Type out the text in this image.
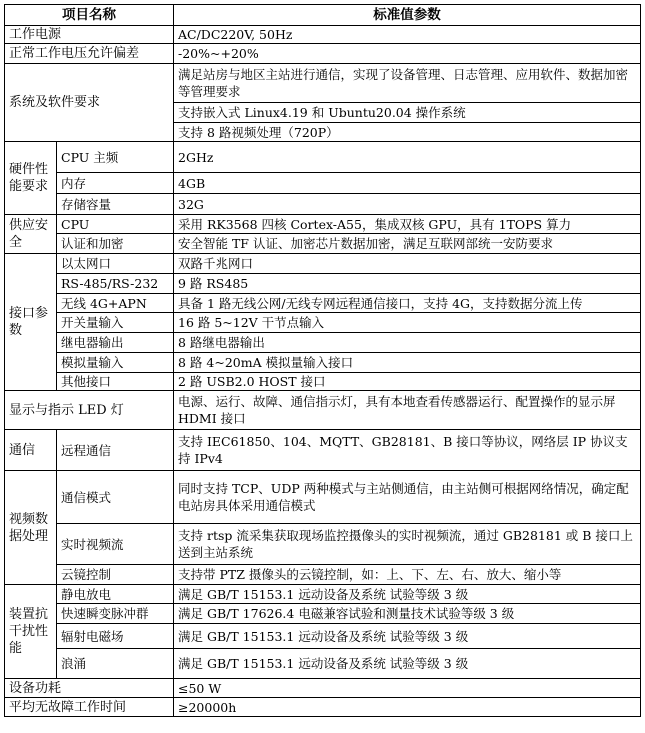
项目名称		标准值参数
工作电源		AC/DC220V, 50Hz
正常工作电压允许偏差		-20%~+20%
系统及软件要求		满足站房与地区主站进行通信，实现了设备管理、日志管理、应用软件、数据加密等管理要求
		支持嵌入式 Linux4.19 和 Ubuntu20.04 操作系统
		支持 8 路视频处理（720P）
硬件性能要求	CPU 主频	2GHz
	内存	4GB
	存储容量	32G
供应安全	CPU	采用 RK3568 四核 Cortex-A55，集成双核 GPU，具有 1TOPS 算力
	认证和加密	安全智能 TF 认证、加密芯片数据加密，满足互联网部统一安防要求
接口参数	以太网口	双路千兆网口
	RS-485/RS-232	9 路 RS485
	无线 4G+APN	具备 1 路无线公网/无线专网远程通信接口，支持 4G，支持数据分流上传
	开关量输入	16 路 5~12V 干节点输入
	继电器输出	8 路继电器输出
	模拟量输入	8 路 4~20mA 模拟量输入接口
	其他接口	2 路 USB2.0 HOST 接口
显示与指示 LED 灯		电源、运行、故障、通信指示灯，具有本地查看传感器运行、配置操作的显示屏 HDMI 接口
通信	远程通信	支持 IEC61850、104、MQTT、GB28181、B 接口等协议，网络层 IP 协议支持 IPv4
视频数据处理	通信模式	同时支持 TCP、UDP 两种模式与主站侧通信，由主站侧可根据网络情况，确定配电站房具体采用通信模式
	实时视频流	支持 rtsp 流采集获取现场监控摄像头的实时视频流，通过 GB28181 或 B 接口上送到主站系统
	云镜控制	支持带 PTZ 摄像头的云镜控制，如：上、下、左、右、放大、缩小等
装置抗干扰性能	静电放电	满足 GB/T 15153.1 远动设备及系统 试验等级 3 级
	快速瞬变脉冲群	满足 GB/T 17626.4 电磁兼容试验和测量技术试验等级 3 级
	辐射电磁场	满足 GB/T 15153.1 远动设备及系统 试验等级 3 级
	浪涌	满足 GB/T 15153.1 远动设备及系统 试验等级 3 级
设备功耗		≤50 W
平均无故障工作时间		≥20000h
